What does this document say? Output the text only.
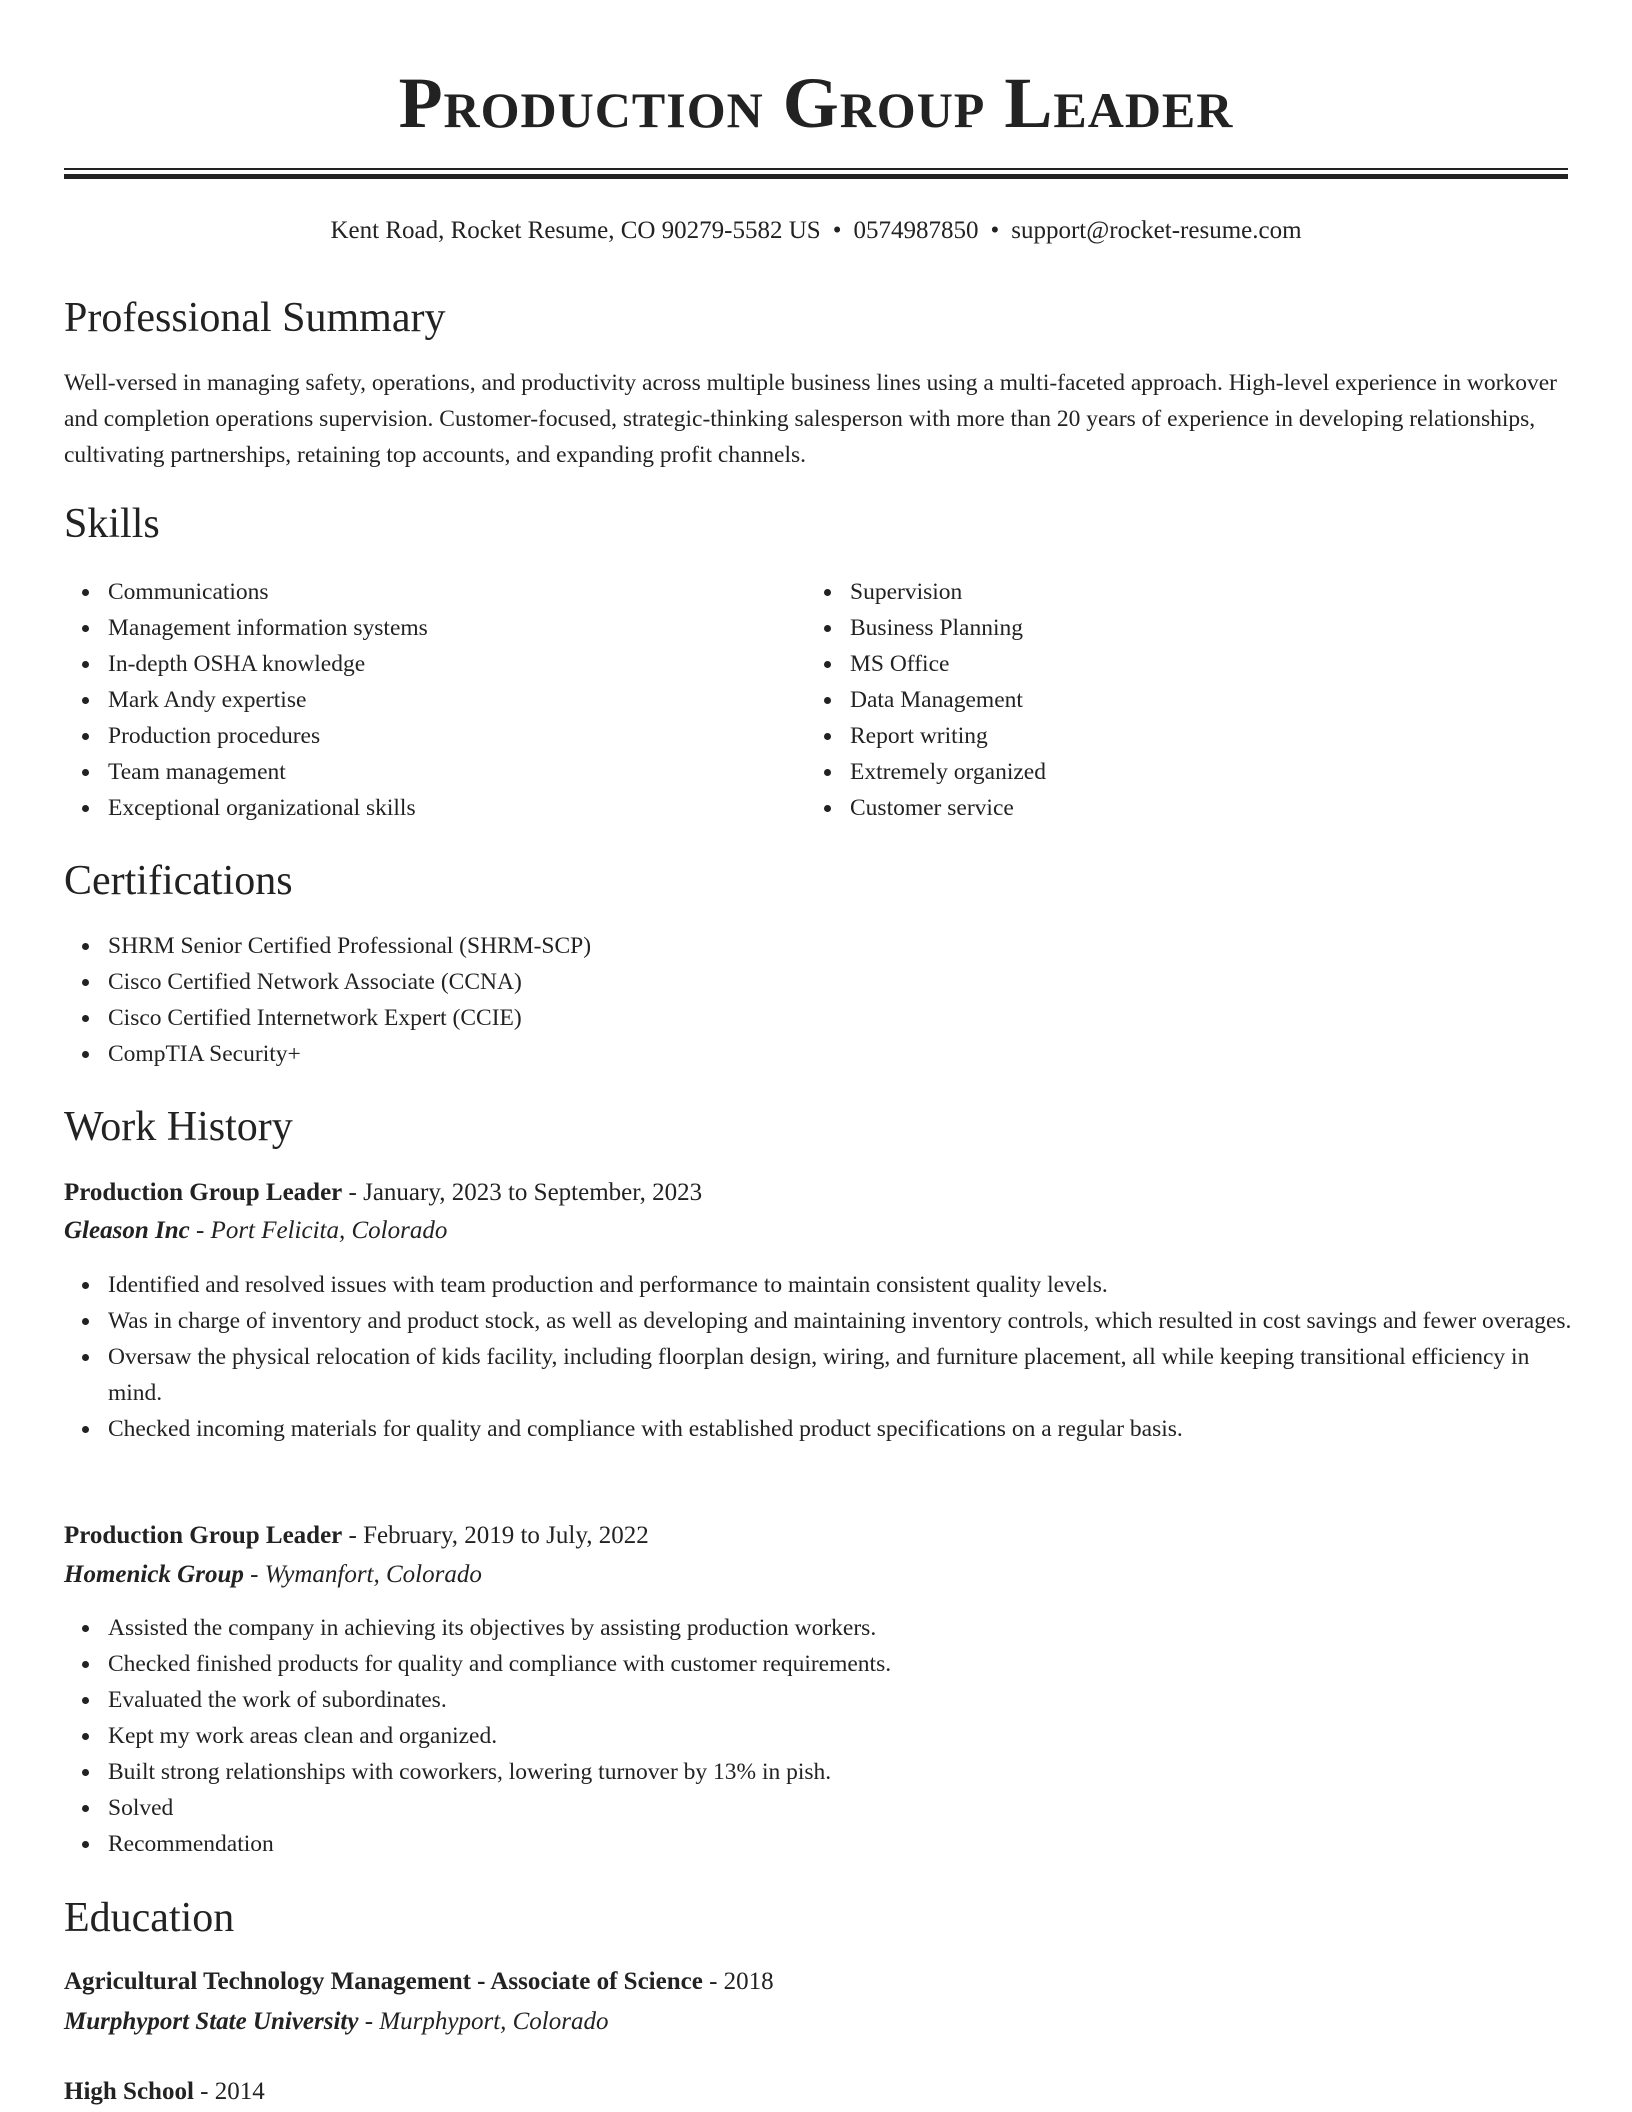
Production Group Leader
Kent Road, Rocket Resume, CO 90279-5582 US • 0574987850 • support@rocket-resume.com
Professional Summary

Well-versed in managing safety, operations, and productivity across multiple business lines using a multi-faceted approach. High-level experience in workover and completion operations supervision. Customer-focused, strategic-thinking salesperson with more than 20 years of experience in developing relationships, cultivating partnerships, retaining top accounts, and expanding profit channels.

Skills
Communications
Management information systems
In-depth OSHA knowledge
Mark Andy expertise
Production procedures
Team management
Exceptional organizational skills
Supervision
Business Planning
MS Office
Data Management
Report writing
Extremely organized
Customer service
Certifications
SHRM Senior Certified Professional (SHRM-SCP)
Cisco Certified Network Associate (CCNA)
Cisco Certified Internetwork Expert (CCIE)
CompTIA Security+
Work History
Production Group Leader - January, 2023 to September, 2023
Gleason Inc - Port Felicita, Colorado
Identified and resolved issues with team production and performance to maintain consistent quality levels.
Was in charge of inventory and product stock, as well as developing and maintaining inventory controls, which resulted in cost savings and fewer overages.
Oversaw the physical relocation of kids facility, including floorplan design, wiring, and furniture placement, all while keeping transitional efficiency in mind.
Checked incoming materials for quality and compliance with established product specifications on a regular basis.
Production Group Leader - February, 2019 to July, 2022
Homenick Group - Wymanfort, Colorado
Assisted the company in achieving its objectives by assisting production workers.
Checked finished products for quality and compliance with customer requirements.
Evaluated the work of subordinates.
Kept my work areas clean and organized.
Built strong relationships with coworkers, lowering turnover by 13% in pish.
Solved
Recommendation
Education
Agricultural Technology Management - Associate of Science - 2018
Murphyport State University - Murphyport, Colorado
High School - 2014
